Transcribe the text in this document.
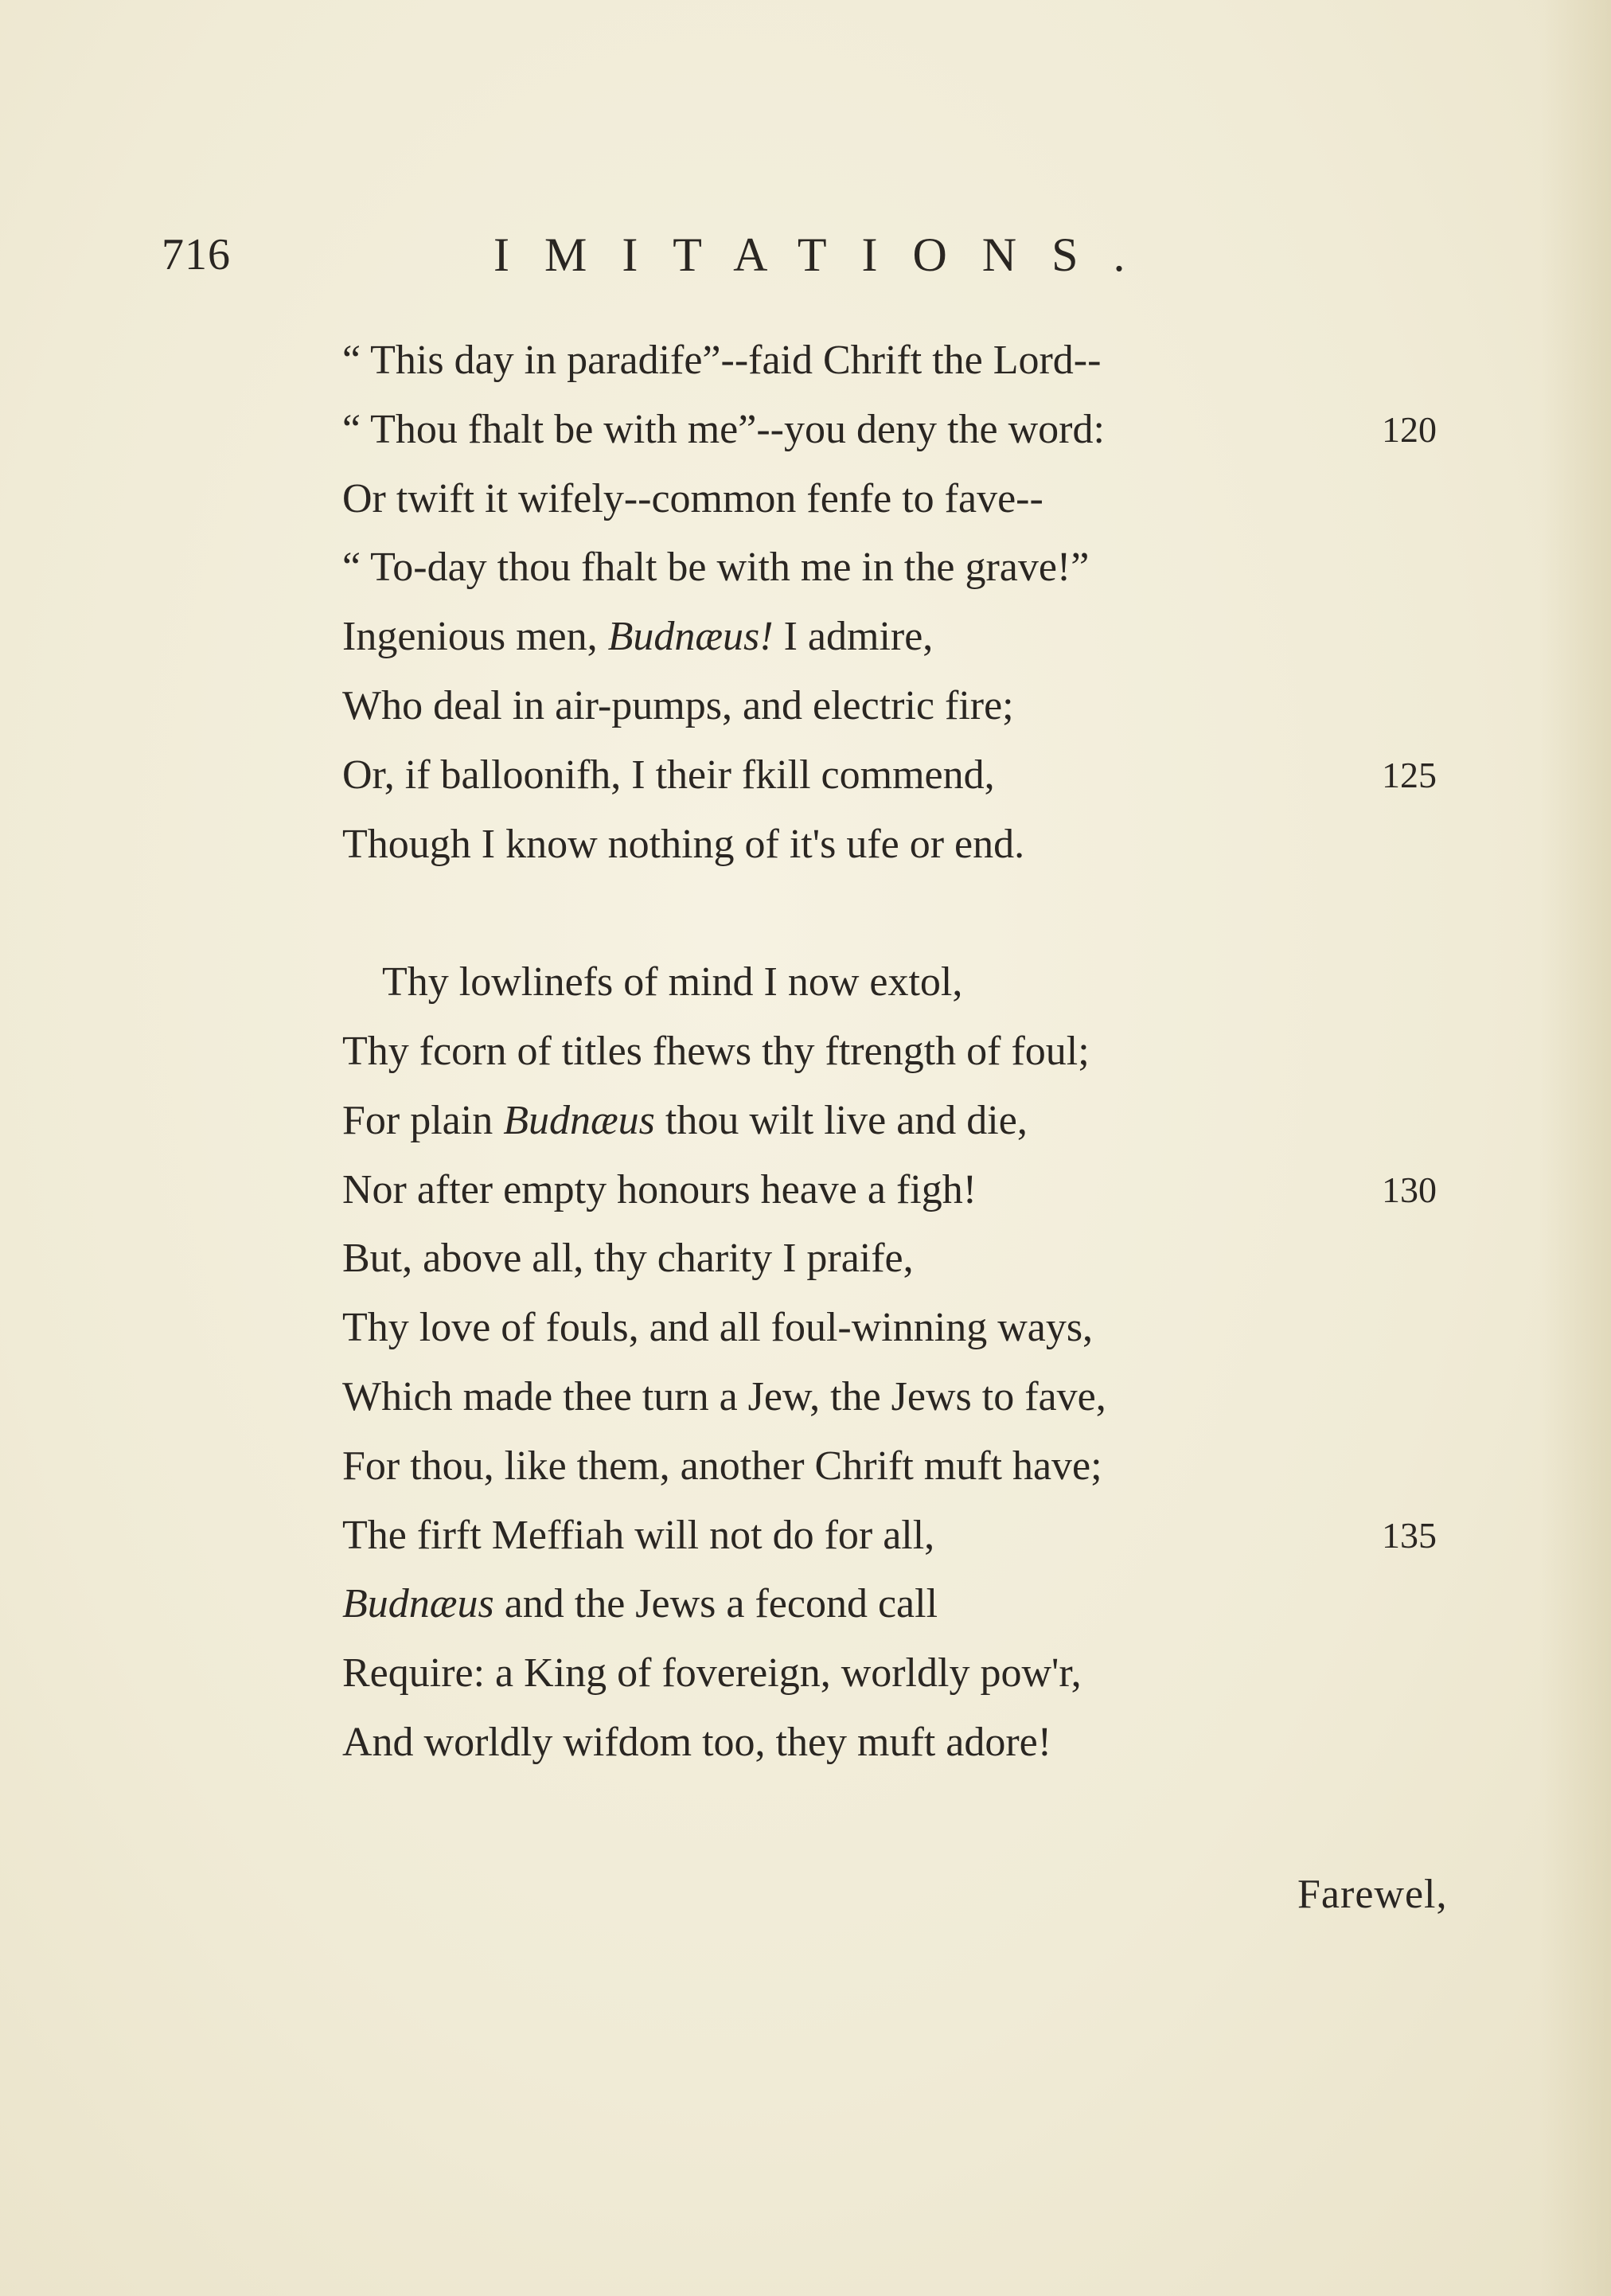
716	IMITATIONS.
“ This day in paradife”--faid Chrift the Lord--
“ Thou fhalt be with me”--you deny the word:	120
Or twift it wifely--common fenfe to fave--
“ To-day thou fhalt be with me in the grave!”
Ingenious men, Budnæus! I admire,
Who deal in air-pumps, and electric fire;
Or, if balloonifh, I their fkill commend,	125
Though I know nothing of it's ufe or end.
Thy lowlinefs of mind I now extol,
Thy fcorn of titles fhews thy ftrength of foul;
For plain Budnæus thou wilt live and die,
Nor after empty honours heave a figh!	130
But, above all, thy charity I praife,
Thy love of fouls, and all foul-winning ways,
Which made thee turn a Jew, the Jews to fave,
For thou, like them, another Chrift muft have;
The firft Meffiah will not do for all,	135
Budnæus and the Jews a fecond call
Require: a King of fovereign, worldly pow'r,
And worldly wifdom too, they muft adore!
Farewel,
